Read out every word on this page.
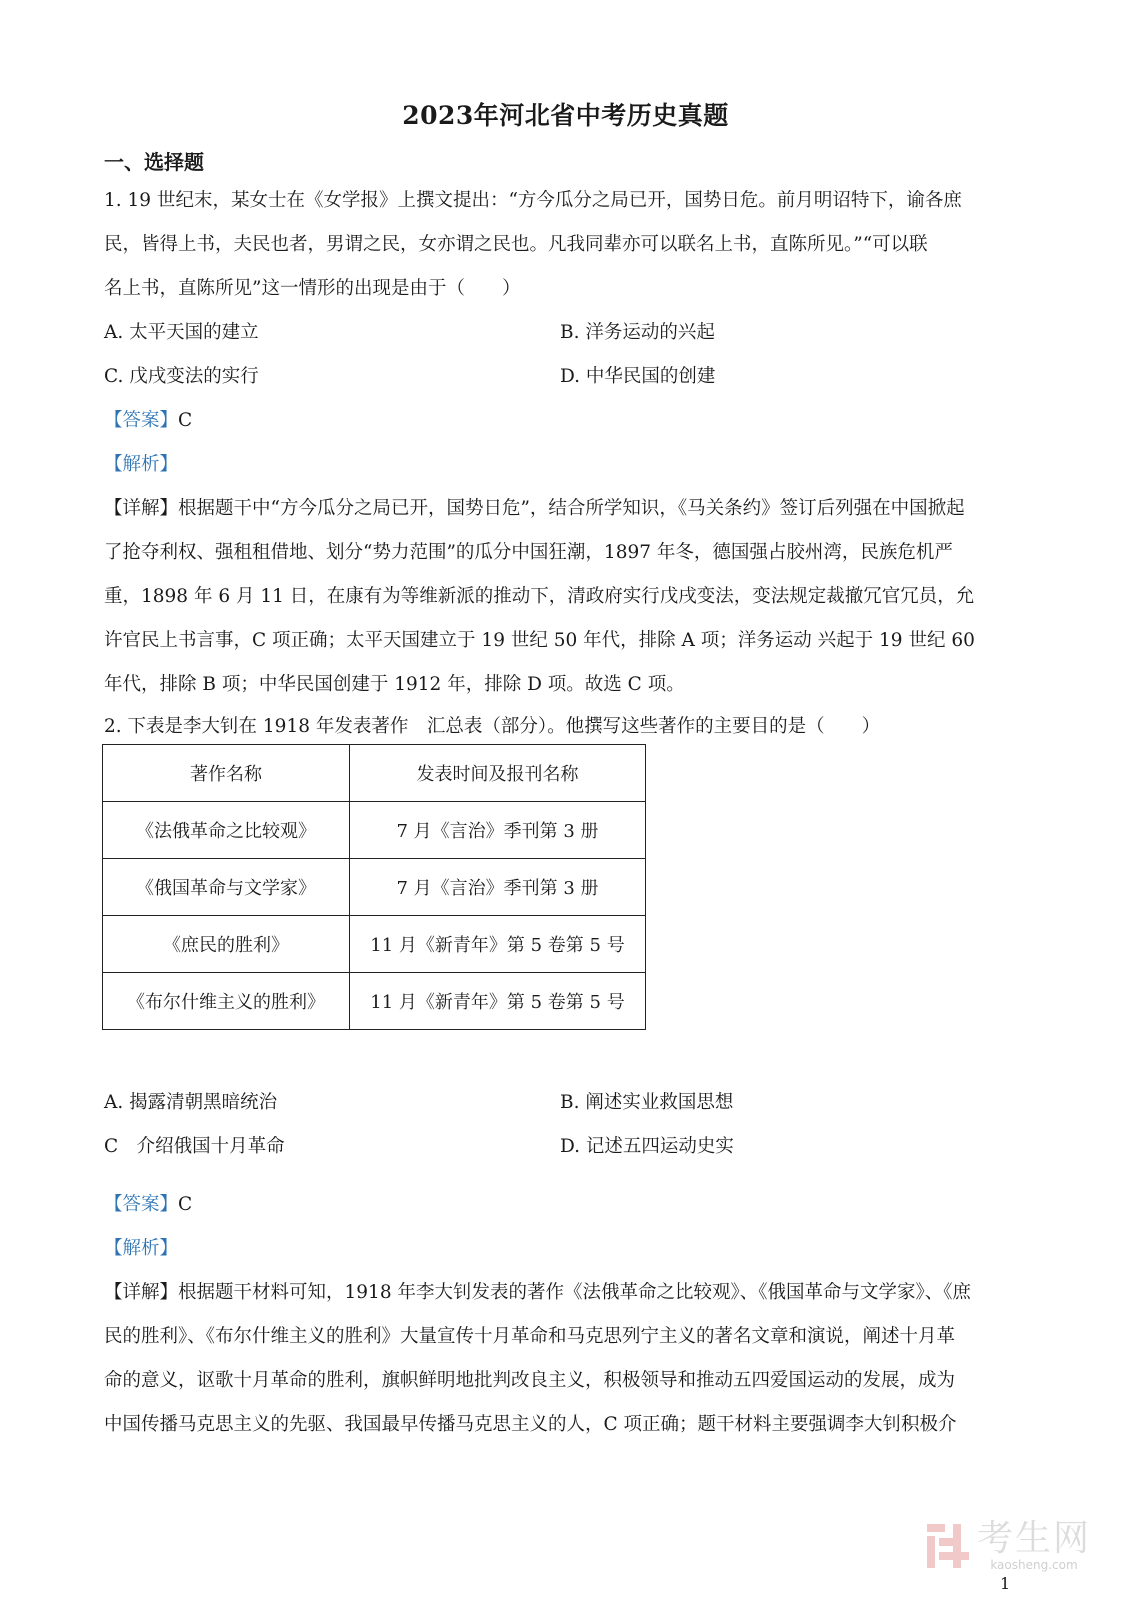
2023年河北省中考历史真题
一、选择题
1. 19 世纪末，某女士在《女学报》上撰文提出：“方今瓜分之局已开，国势日危。前月明诏特下，谕各庶
民，皆得上书，夫民也者，男谓之民，女亦谓之民也。凡我同辈亦可以联名上书，直陈所见。”“可以联
名上书，直陈所见”这一情形的出现是由于（　　）
A. 太平天国的建立	B. 洋务运动的兴起
C. 戊戌变法的实行	D. 中华民国的创建
【答案】C
【解析】
【详解】根据题干中“方今瓜分之局已开，国势日危”，结合所学知识，《马关条约》签订后列强在中国掀起
了抢夺利权、强租租借地、划分“势力范围”的瓜分中国狂潮，1897 年冬，德国强占胶州湾，民族危机严
重，1898 年 6 月 11 日，在康有为等维新派的推动下，清政府实行戊戌变法，变法规定裁撤冗官冗员，允
许官民上书言事，C 项正确；太平天国建立于 19 世纪 50 年代，排除 A 项；洋务运动 兴起于 19 世纪 60
年代，排除 B 项；中华民国创建于 1912 年，排除 D 项。故选 C 项。
2. 下表是李大钊在 1918 年发表著作　汇总表（部分）。他撰写这些著作的主要目的是（　　）
著作名称	发表时间及报刊名称
《法俄革命之比较观》	7 月《言治》季刊第 3 册
《俄国革命与文学家》	7 月《言治》季刊第 3 册
《庶民的胜利》	11 月《新青年》第 5 卷第 5 号
《布尔什维主义的胜利》	11 月《新青年》第 5 卷第 5 号
A. 揭露清朝黑暗统治	B. 阐述实业救国思想
C　介绍俄国十月革命	D. 记述五四运动史实
【答案】C
【解析】
【详解】根据题干材料可知，1918 年李大钊发表的著作《法俄革命之比较观》、《俄国革命与文学家》、《庶
民的胜利》、《布尔什维主义的胜利》大量宣传十月革命和马克思列宁主义的著名文章和演说，阐述十月革
命的意义，讴歌十月革命的胜利，旗帜鲜明地批判改良主义，积极领导和推动五四爱国运动的发展，成为
中国传播马克思主义的先驱、我国最早传播马克思主义的人，C 项正确；题干材料主要强调李大钊积极介
考生网
kaosheng.com
1
